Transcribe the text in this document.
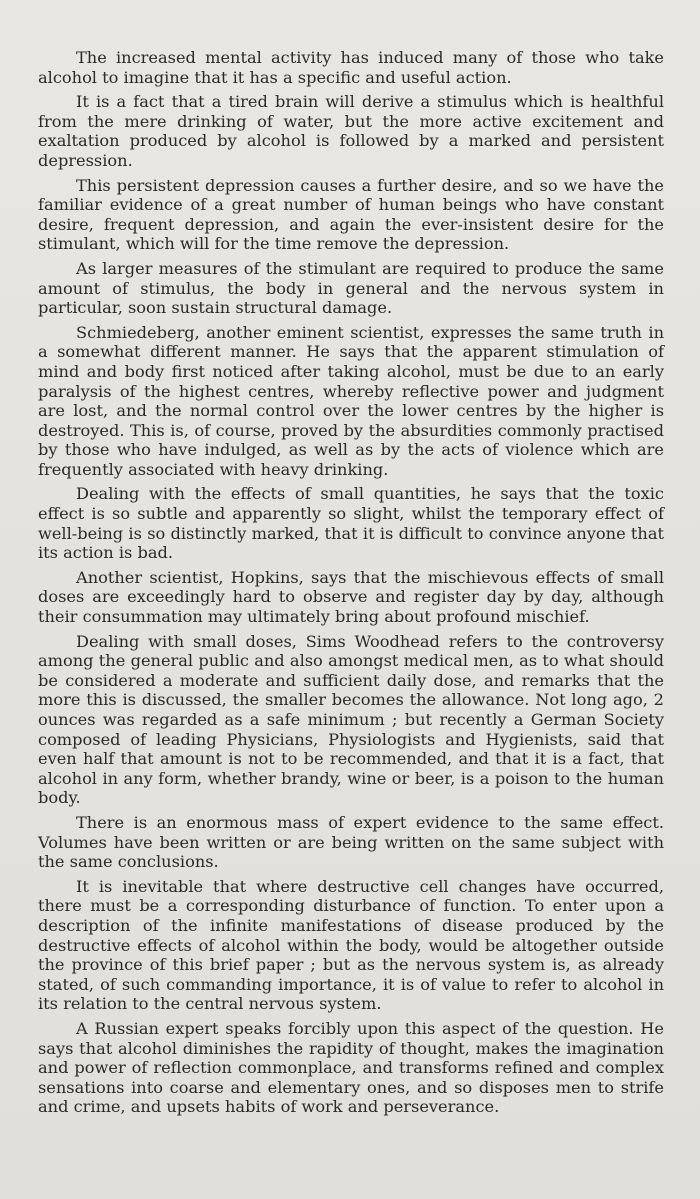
The increased mental activity has induced many of those who take alcohol to imagine that it has a specific and useful action.

It is a fact that a tired brain will derive a stimulus which is healthful from the mere drinking of water, but the more active excitement and exaltation produced by alcohol is followed by a marked and persistent depression.

This persistent depression causes a further desire, and so we have the familiar evidence of a great number of human beings who have constant desire, frequent depression, and again the ever-insistent desire for the stimulant, which will for the time remove the depression.

As larger measures of the stimulant are required to produce the same amount of stimulus, the body in general and the nervous system in particular, soon sustain structural damage.

Schmiedeberg, another eminent scientist, expresses the same truth in a somewhat different manner. He says that the apparent stimulation of mind and body first noticed after taking alcohol, must be due to an early paralysis of the highest centres, whereby reflective power and judgment are lost, and the normal control over the lower centres by the higher is destroyed. This is, of course, proved by the absurdities commonly practised by those who have indulged, as well as by the acts of violence which are frequently associated with heavy drinking.

Dealing with the effects of small quantities, he says that the toxic effect is so subtle and apparently so slight, whilst the temporary effect of well-being is so distinctly marked, that it is difficult to convince anyone that its action is bad.

Another scientist, Hopkins, says that the mischievous effects of small doses are exceedingly hard to observe and register day by day, although their consummation may ultimately bring about profound mischief.

Dealing with small doses, Sims Woodhead refers to the controversy among the general public and also amongst medical men, as to what should be considered a moderate and sufficient daily dose, and remarks that the more this is discussed, the smaller becomes the allowance. Not long ago, 2 ounces was regarded as a safe minimum ; but recently a German Society composed of leading Physicians, Physiologists and Hygienists, said that even half that amount is not to be recommended, and that it is a fact, that alcohol in any form, whether brandy, wine or beer, is a poison to the human body.

There is an enormous mass of expert evidence to the same effect. Volumes have been written or are being written on the same subject with the same conclusions.

It is inevitable that where destructive cell changes have occurred, there must be a corresponding disturbance of function. To enter upon a description of the infinite manifestations of disease produced by the destructive effects of alcohol within the body, would be altogether outside the province of this brief paper ; but as the nervous system is, as already stated, of such commanding importance, it is of value to refer to alcohol in its relation to the central nervous system.

A Russian expert speaks forcibly upon this aspect of the question. He says that alcohol diminishes the rapidity of thought, makes the imagination and power of reflection commonplace, and transforms refined and complex sensations into coarse and elementary ones, and so disposes men to strife and crime, and upsets habits of work and perseverance.
